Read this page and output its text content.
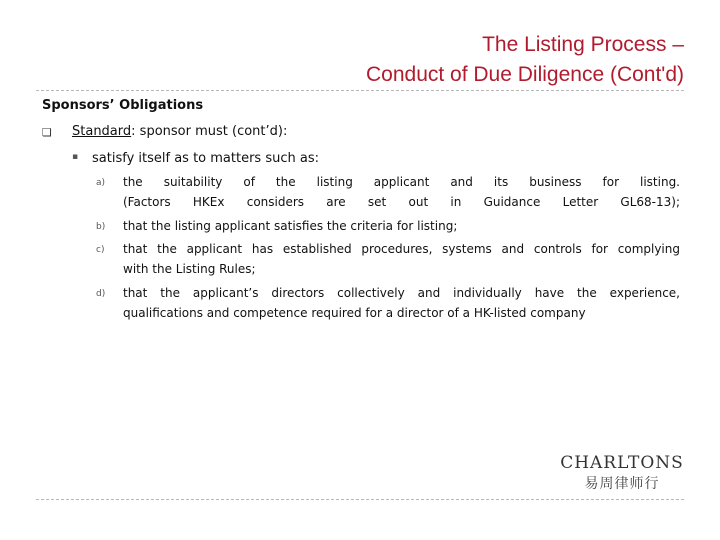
The Listing Process –
Conduct of Due Diligence (Cont'd)
Sponsors’ Obligations
❏ Standard: sponsor must (cont’d):
▪ satisfy itself as to matters such as:
a) the suitability of the listing applicant and its business for listing.
(Factors HKEx considers are set out in Guidance Letter GL68-13);
b) that the listing applicant satisfies the criteria for listing;
c) that the applicant has established procedures, systems and controls for complying
with the Listing Rules;
d) that the applicant’s directors collectively and individually have the experience,
qualifications and competence required for a director of a HK-listed company
CHARLTONS
易周律师行
